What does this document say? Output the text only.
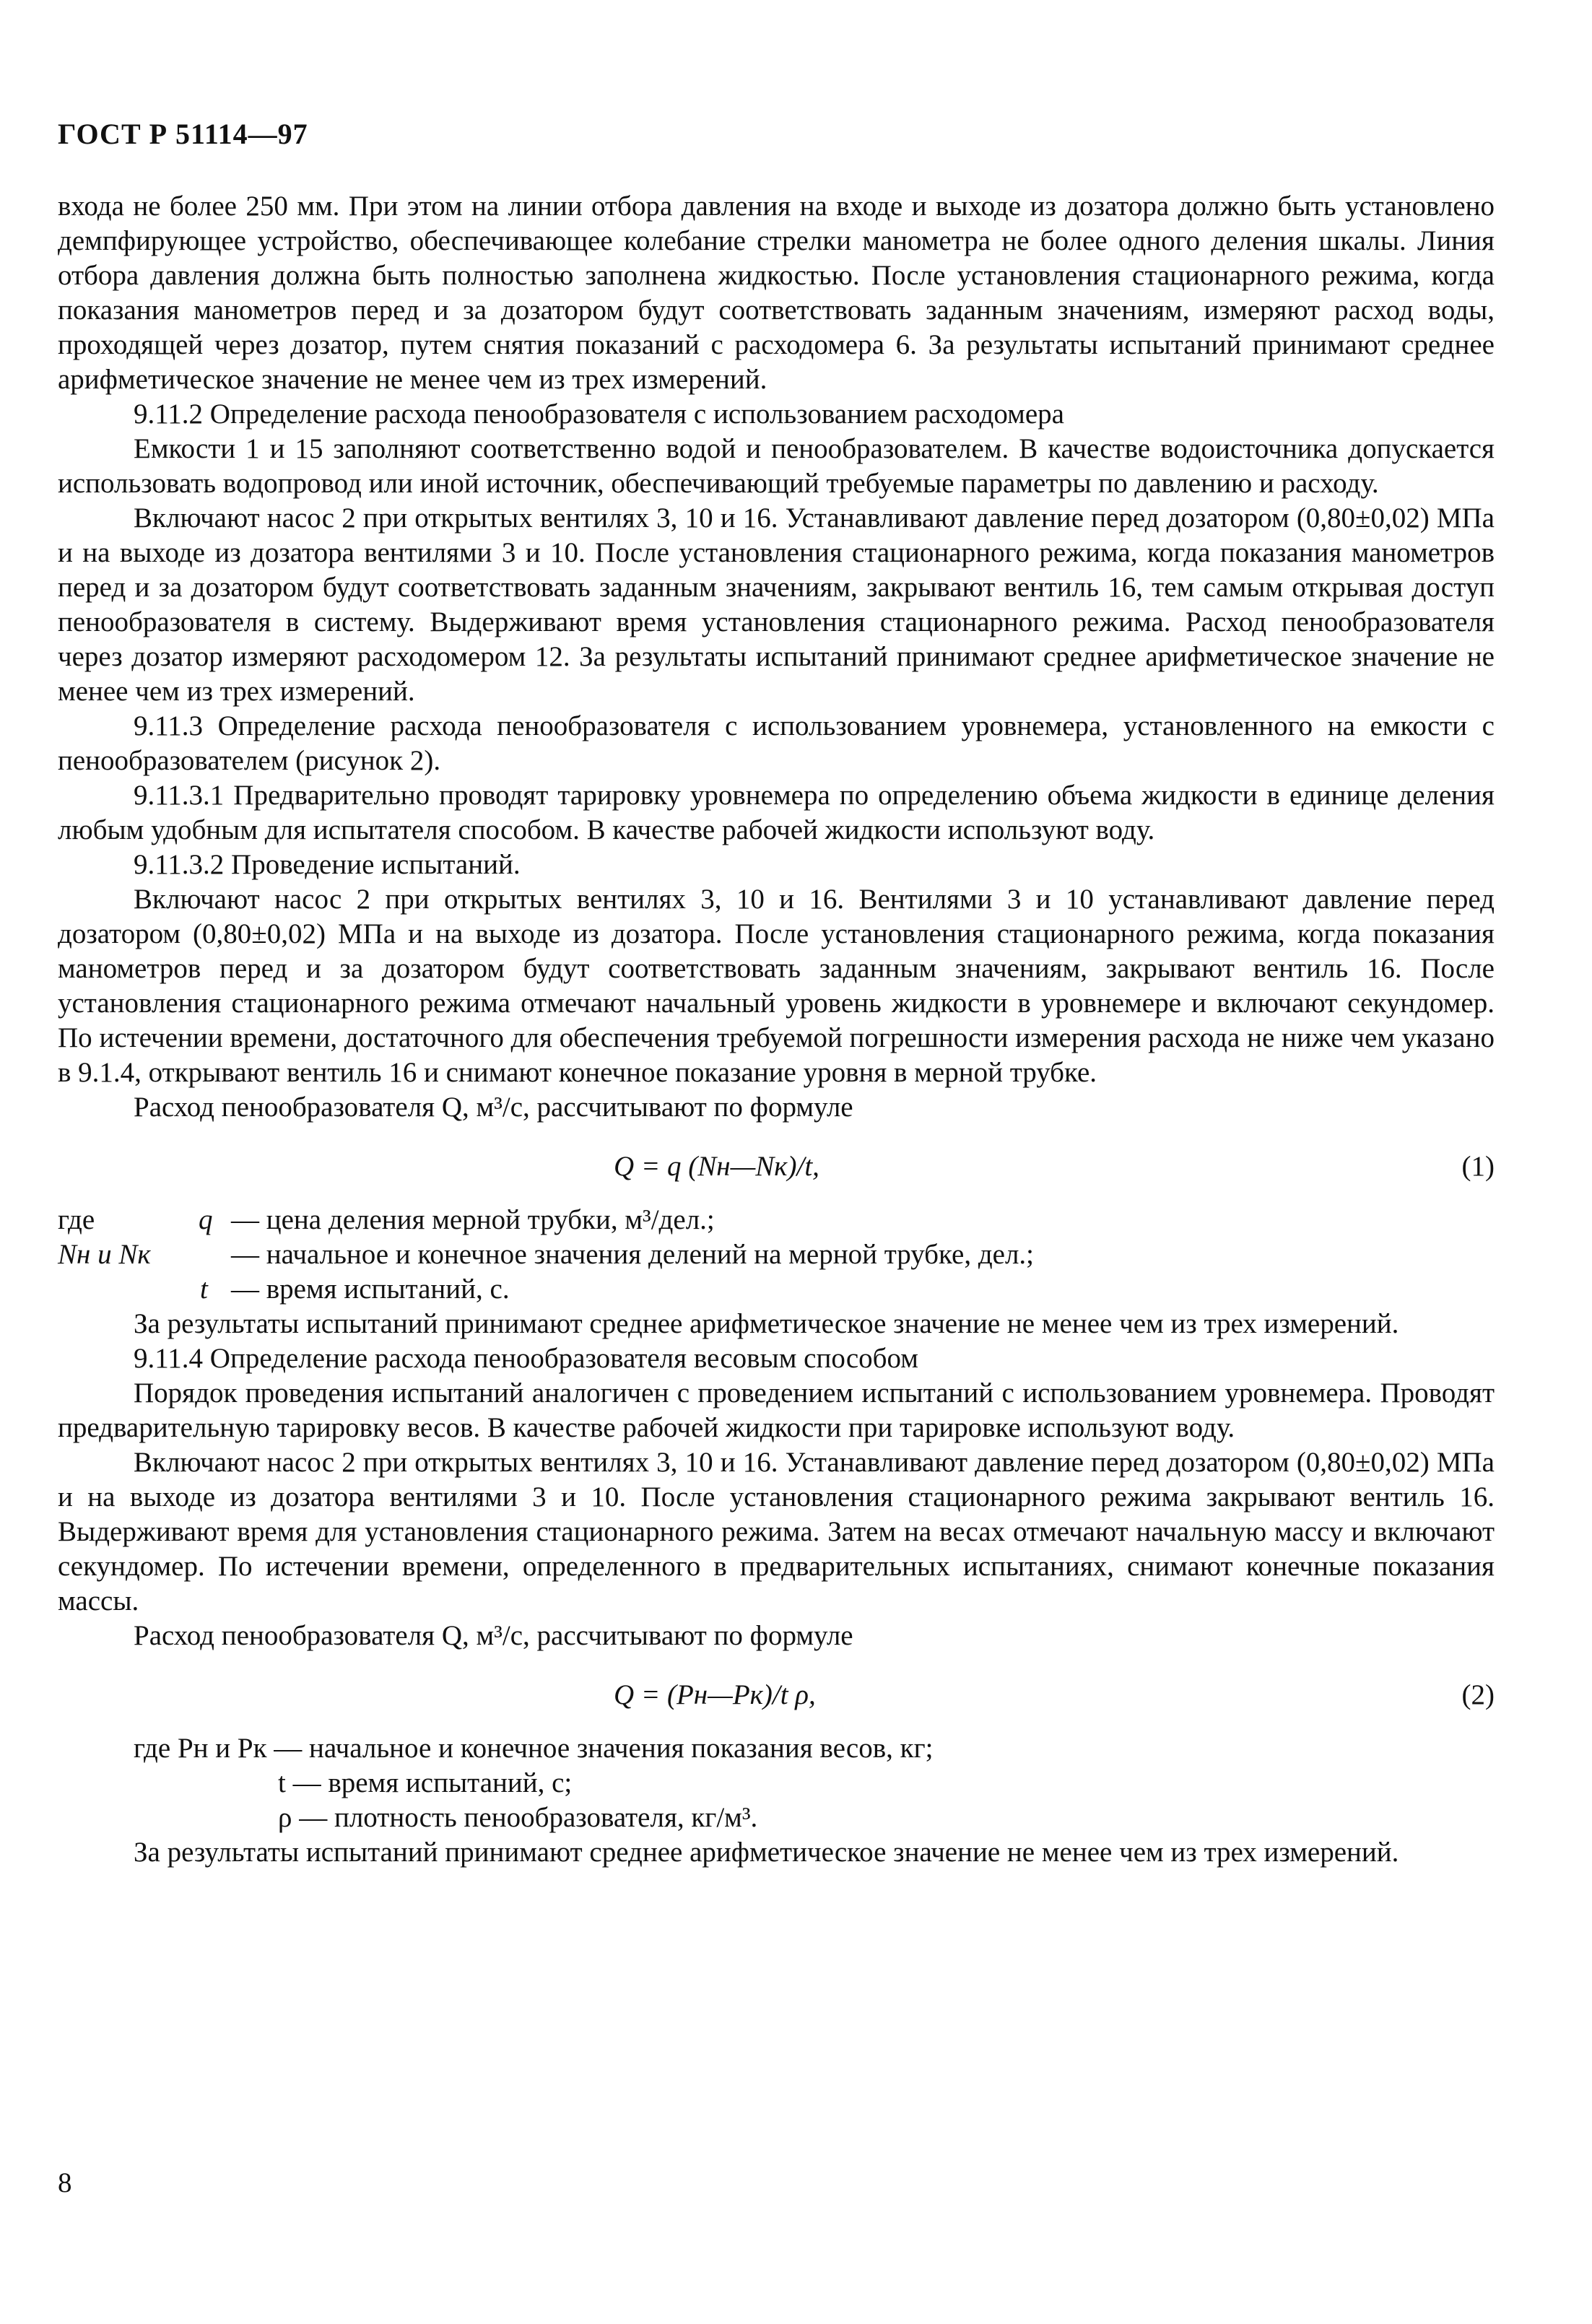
ГОСТ Р 51114—97

входа не более 250 мм. При этом на линии отбора давления на входе и выходе из дозатора должно быть установлено демпфирующее устройство, обеспечивающее колебание стрелки манометра не более одного деления шкалы. Линия отбора давления должна быть полностью заполнена жидкостью. После установления стационарного режима, когда показания манометров перед и за дозатором будут соответствовать заданным значениям, измеряют расход воды, проходящей через дозатор, путем снятия показаний с расходомера 6. За результаты испытаний принимают среднее арифметическое значение не менее чем из трех измерений.

9.11.2 Определение расхода пенообразователя с использованием расходомера

Емкости 1 и 15 заполняют соответственно водой и пенообразователем. В качестве водоисточника допускается использовать водопровод или иной источник, обеспечивающий требуемые параметры по давлению и расходу.

Включают насос 2 при открытых вентилях 3, 10 и 16. Устанавливают давление перед дозатором (0,80±0,02) МПа и на выходе из дозатора вентилями 3 и 10. После установления стационарного режима, когда показания манометров перед и за дозатором будут соответствовать заданным значениям, закрывают вентиль 16, тем самым открывая доступ пенообразователя в систему. Выдерживают время установления стационарного режима. Расход пенообразователя через дозатор измеряют расходомером 12. За результаты испытаний принимают среднее арифметическое значение не менее чем из трех измерений.

9.11.3 Определение расхода пенообразователя с использованием уровнемера, установленного на емкости с пенообразователем (рисунок 2).

9.11.3.1 Предварительно проводят тарировку уровнемера по определению объема жидкости в единице деления любым удобным для испытателя способом. В качестве рабочей жидкости используют воду.

9.11.3.2 Проведение испытаний.

Включают насос 2 при открытых вентилях 3, 10 и 16. Вентилями 3 и 10 устанавливают давление перед дозатором (0,80±0,02) МПа и на выходе из дозатора. После установления стационарного режима, когда показания манометров перед и за дозатором будут соответствовать заданным значениям, закрывают вентиль 16. После установления стационарного режима отмечают начальный уровень жидкости в уровнемере и включают секундомер. По истечении времени, достаточного для обеспечения требуемой погрешности измерения расхода не ниже чем указано в 9.1.4, открывают вентиль 16 и снимают конечное показание уровня в мерной трубке.

Расход пенообразователя Q, м³/с, рассчитывают по формуле

Q = q (Nн—Nк)/t,	(1)
где	q — цена деления мерной трубки, м³/дел.;
Nн и Nк	— начальное и конечное значения делений на мерной трубке, дел.;
t — время испытаний, с.

За результаты испытаний принимают среднее арифметическое значение не менее чем из трех измерений.

9.11.4 Определение расхода пенообразователя весовым способом

Порядок проведения испытаний аналогичен с проведением испытаний с использованием уровнемера. Проводят предварительную тарировку весов. В качестве рабочей жидкости при тарировке используют воду.

Включают насос 2 при открытых вентилях 3, 10 и 16. Устанавливают давление перед дозатором (0,80±0,02) МПа и на выходе из дозатора вентилями 3 и 10. После установления стационарного режима закрывают вентиль 16. Выдерживают время для установления стационарного режима. Затем на весах отмечают начальную массу и включают секундомер. По истечении времени, определенного в предварительных испытаниях, снимают конечные показания массы.

Расход пенообразователя Q, м³/с, рассчитывают по формуле

Q = (Pн—Pк)/t ρ,	(2)
где Pн и Pк — начальное и конечное значения показания весов, кг;
t — время испытаний, с;
ρ — плотность пенообразователя, кг/м³.

За результаты испытаний принимают среднее арифметическое значение не менее чем из трех измерений.

8
